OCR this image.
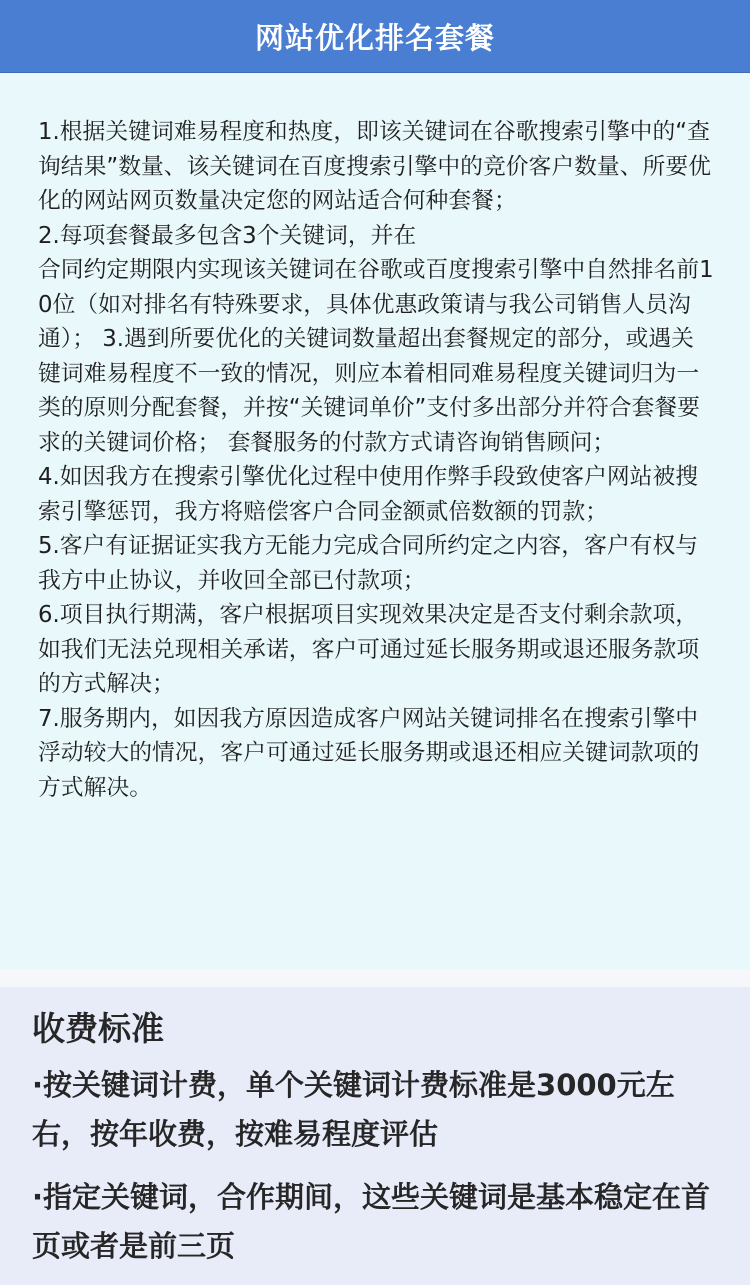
网站优化排名套餐

1.根据关键词难易程度和热度，即该关键词在谷歌搜索引擎中的“查询结果”数量、该关键词在百度搜索引擎中的竞价客户数量、所要优化的网站网页数量决定您的网站适合何种套餐；

2.每项套餐最多包含3个关键词，并在

合同约定期限内实现该关键词在谷歌或百度搜索引擎中自然排名前10位（如对排名有特殊要求，具体优惠政策请与我公司销售人员沟通）； 3.遇到所要优化的关键词数量超出套餐规定的部分，或遇关键词难易程度不一致的情况，则应本着相同难易程度关键词归为一类的原则分配套餐，并按“关键词单价”支付多出部分并符合套餐要求的关键词价格； 套餐服务的付款方式请咨询销售顾问；

4.如因我方在搜索引擎优化过程中使用作弊手段致使客户网站被搜索引擎惩罚，我方将赔偿客户合同金额贰倍数额的罚款；

5.客户有证据证实我方无能力完成合同所约定之内容，客户有权与我方中止协议，并收回全部已付款项；

6.项目执行期满，客户根据项目实现效果决定是否支付剩余款项，如我们无法兑现相关承诺，客户可通过延长服务期或退还服务款项的方式解决；

7.服务期内，如因我方原因造成客户网站关键词排名在搜索引擎中浮动较大的情况，客户可通过延长服务期或退还相应关键词款项的方式解决。

收费标准

·按关键词计费，单个关键词计费标准是3000元左右，按年收费，按难易程度评估

·指定关键词，合作期间，这些关键词是基本稳定在首页或者是前三页
